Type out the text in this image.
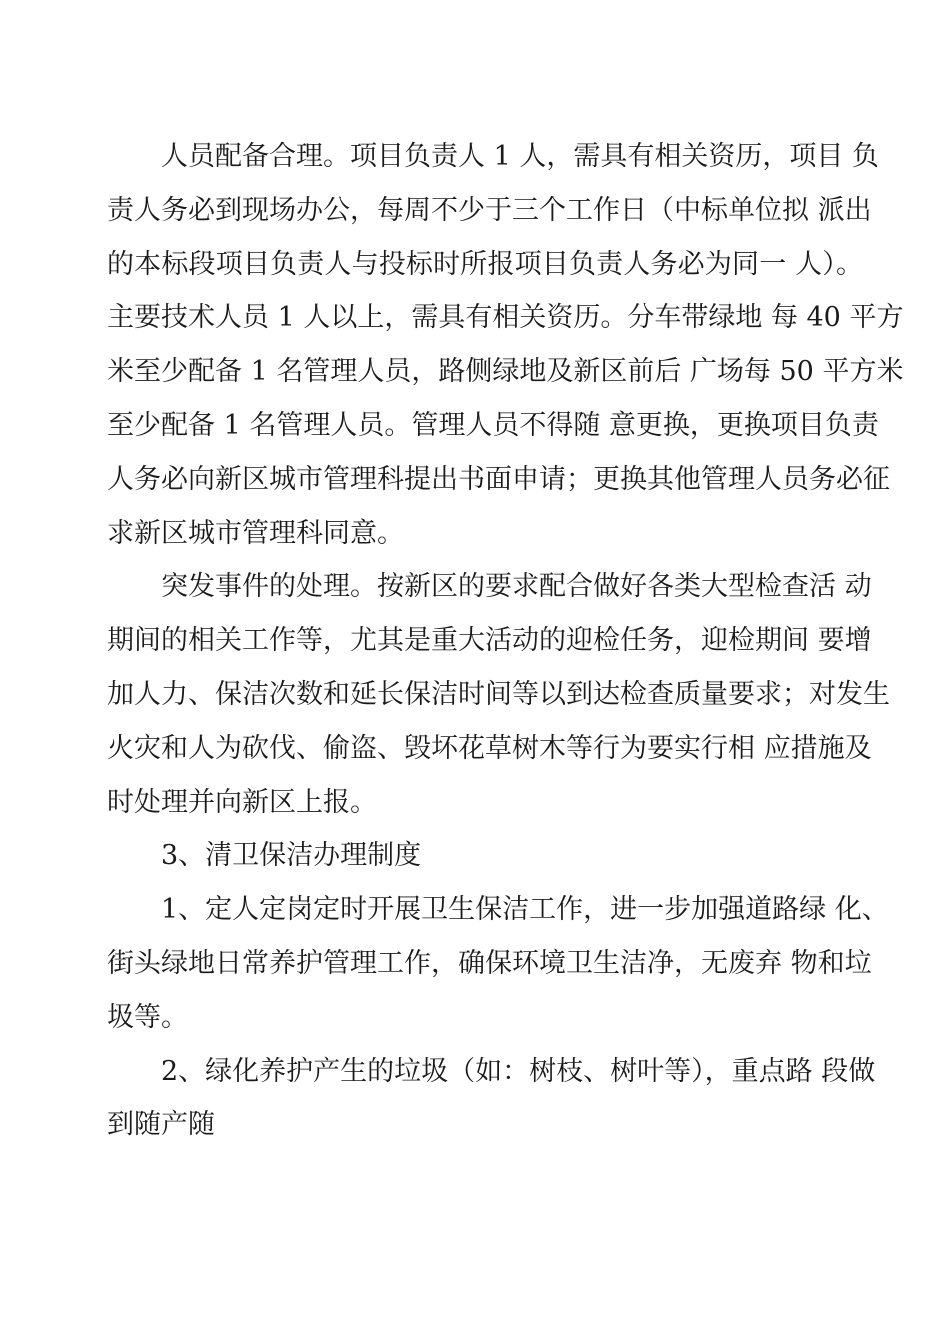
人员配备合理。项目负责人 1 人，需具有相关资历，项目 负
责人务必到现场办公，每周不少于三个工作日（中标单位拟 派出
的本标段项目负责人与投标时所报项目负责人务必为同一 人）。
主要技术人员 1 人以上，需具有相关资历。分车带绿地 每 40 平方
米至少配备 1 名管理人员，路侧绿地及新区前后 广场每 50 平方米
至少配备 1 名管理人员。管理人员不得随 意更换，更换项目负责
人务必向新区城市管理科提出书面申请；更换其他管理人员务必征
求新区城市管理科同意。
突发事件的处理。按新区的要求配合做好各类大型检查活 动
期间的相关工作等，尤其是重大活动的迎检任务，迎检期间 要增
加人力、保洁次数和延长保洁时间等以到达检查质量要求；对发生
火灾和人为砍伐、偷盗、毁坏花草树木等行为要实行相 应措施及
时处理并向新区上报。
3、清卫保洁办理制度
1、定人定岗定时开展卫生保洁工作，进一步加强道路绿 化、
街头绿地日常养护管理工作，确保环境卫生洁净，无废弃 物和垃
圾等。
2、绿化养护产生的垃圾（如：树枝、树叶等），重点路 段做
到随产随
